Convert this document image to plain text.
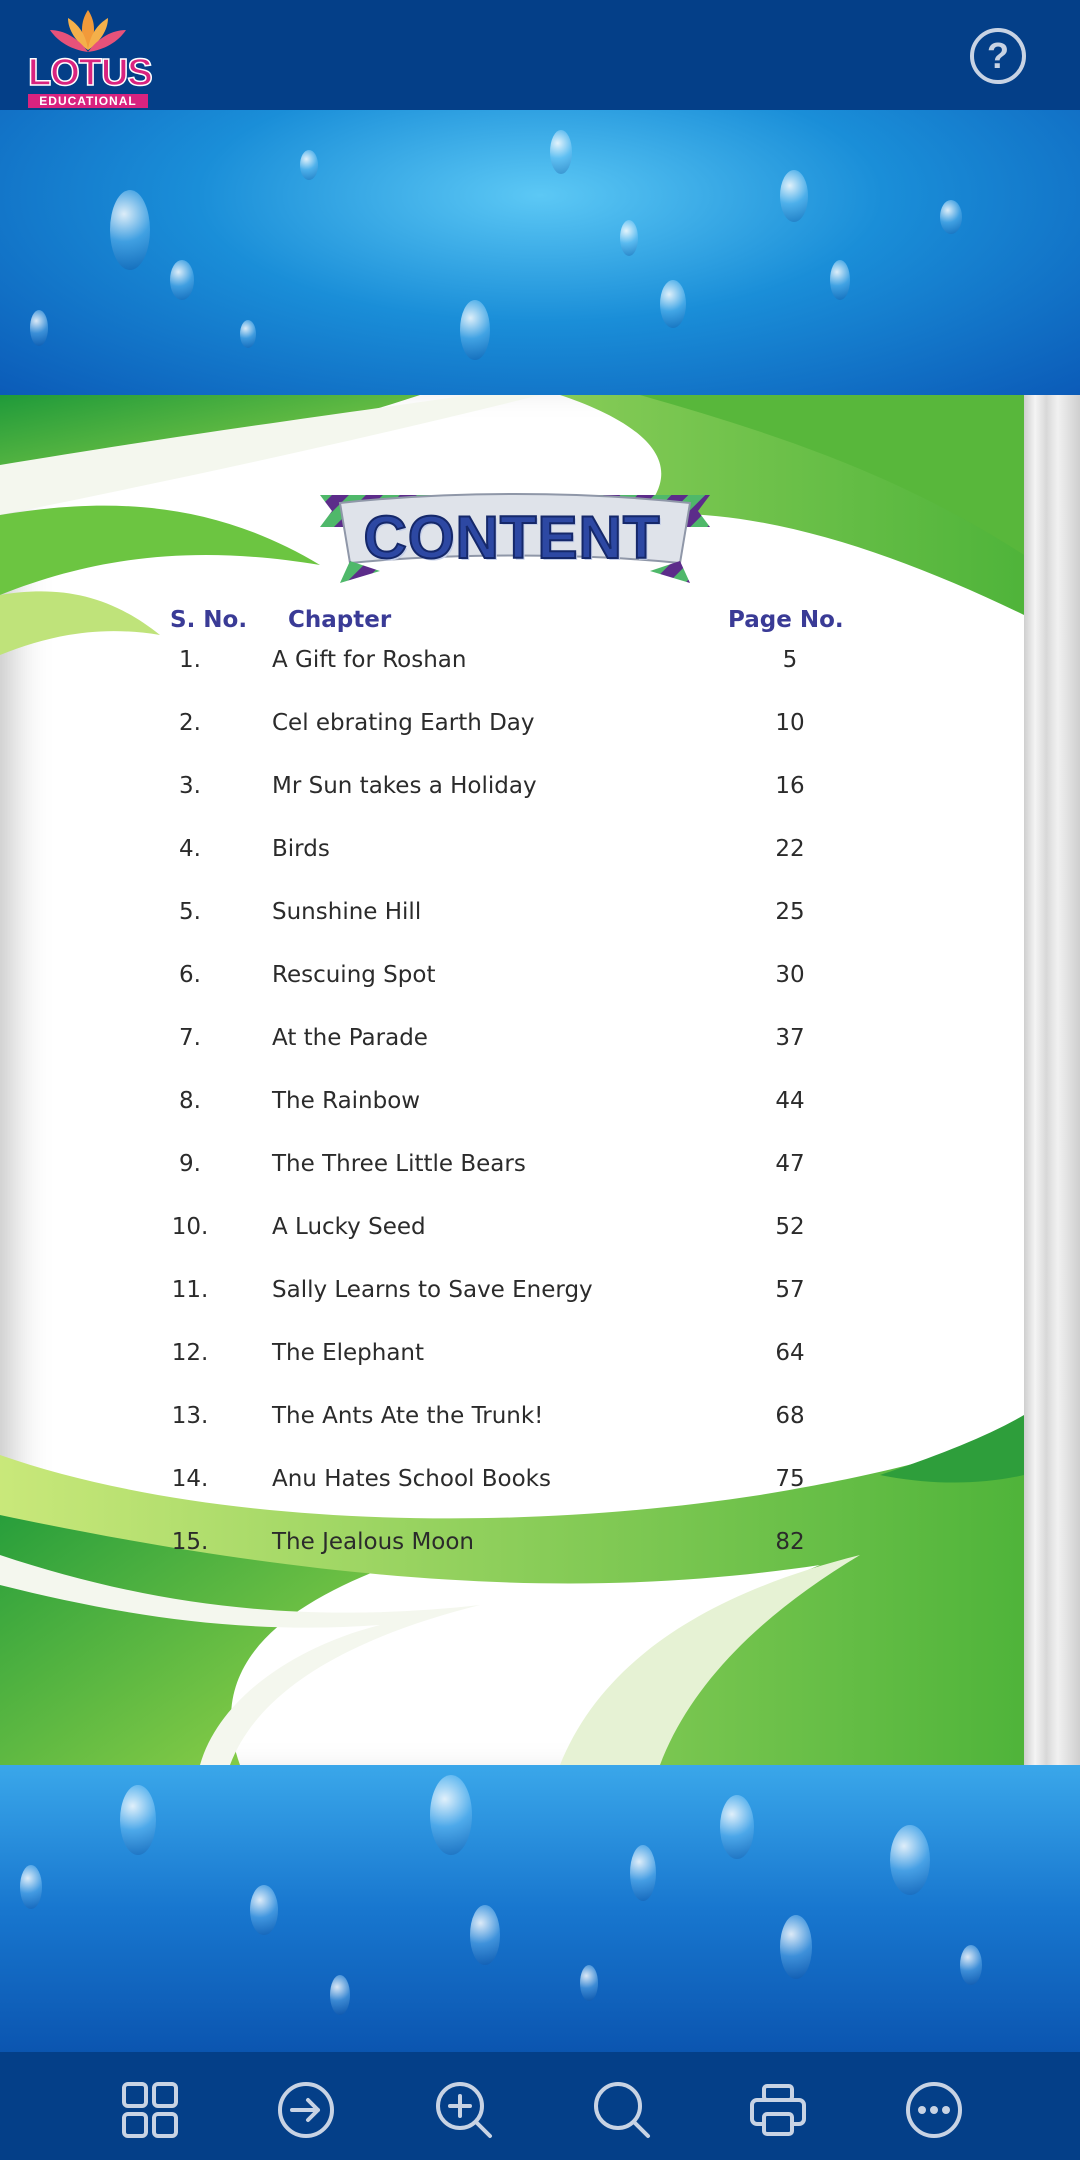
LOTUS
EDUCATIONAL
?
CONTENT
S. No. Chapter	Page No.
1.	A Gift for Roshan	5
2.	Cel ebrating Earth Day	10
3.	Mr Sun takes a Holiday	16
4.	Birds	22
5.	Sunshine Hill	25
6.	Rescuing Spot	30
7.	At the Parade	37
8.	The Rainbow	44
9.	The Three Little Bears	47
10.	A Lucky Seed	52
11.	Sally Learns to Save Energy	57
12.	The Elephant	64
13.	The Ants Ate the Trunk!	68
14.	Anu Hates School Books	75
15.	The Jealous Moon	82
